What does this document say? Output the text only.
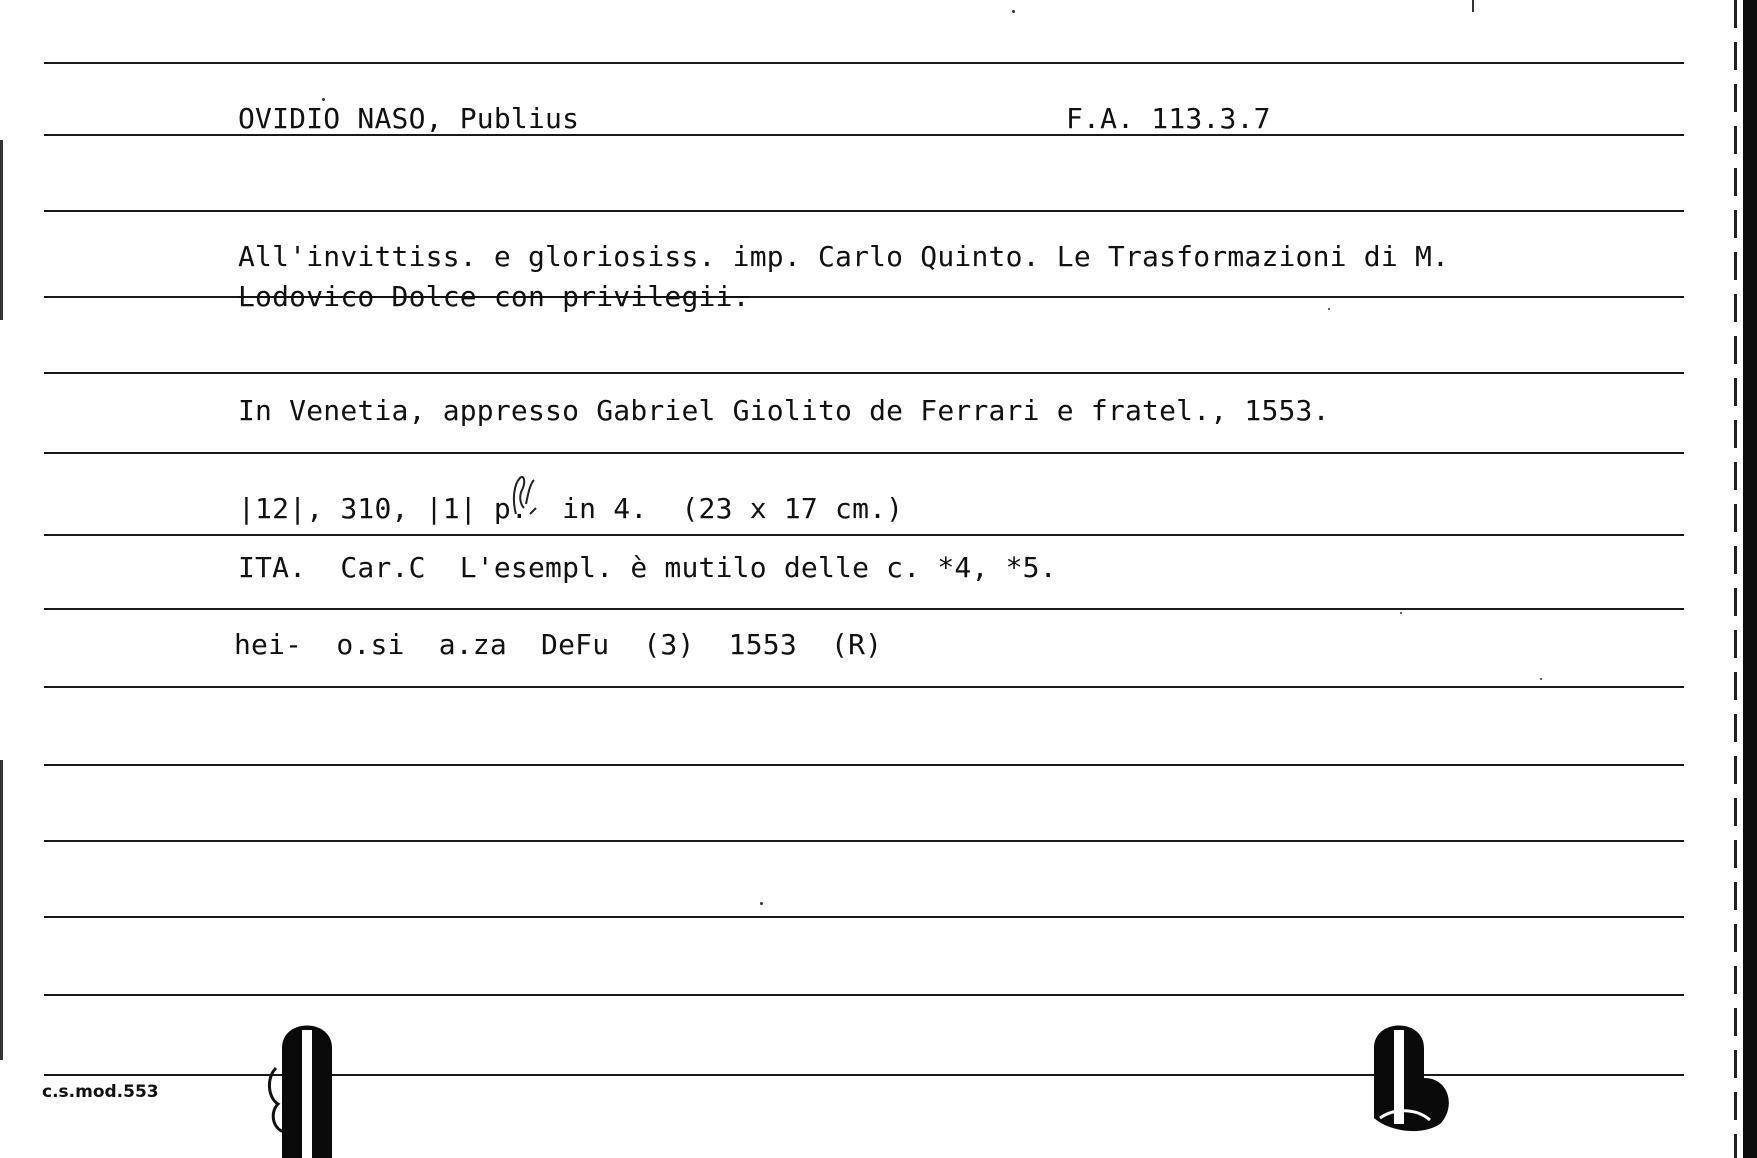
OVIDIO NASO, Publius	F.A. 113.3.7
All'invittiss. e gloriosiss. imp. Carlo Quinto. Le Trasformazioni di M.
Lodovico Dolce con privilegii.
In Venetia, appresso Gabriel Giolito de Ferrari e fratel., 1553.
|12|, 310, |1| p.  in 4.  (23 x 17 cm.)
ITA.  Car.C  L'esempl. è mutilo delle c. *4, *5.
hei-  o.si  a.za  DeFu  (3)  1553  (R)
c.s.mod.553
